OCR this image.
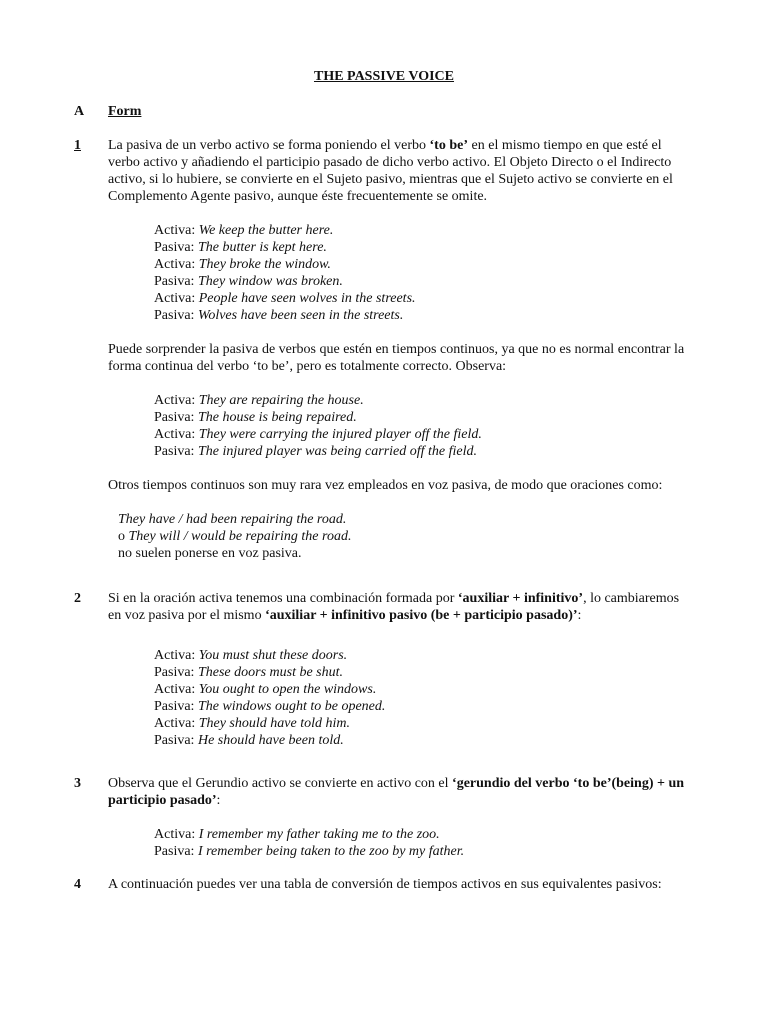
THE PASSIVE VOICE
A	Form
1	La pasiva de un verbo activo se forma poniendo el verbo ‘to be’ en el mismo tiempo en que esté el verbo activo y añadiendo el participio pasado de dicho verbo activo. El Objeto Directo o el Indirecto activo, si lo hubiere, se convierte en el Sujeto pasivo, mientras que el Sujeto activo se convierte en el Complemento Agente pasivo, aunque éste frecuentemente se omite.
Activa: We keep the butter here.
Pasiva: The butter is kept here.
Activa: They broke the window.
Pasiva: They window was broken.
Activa: People have seen wolves in the streets.
Pasiva: Wolves have been seen in the streets.
Puede sorprender la pasiva de verbos que estén en tiempos continuos, ya que no es normal encontrar la forma continua del verbo ‘to be’, pero es totalmente correcto. Observa:
Activa: They are repairing the house.
Pasiva: The house is being repaired.
Activa: They were carrying the injured player off the field.
Pasiva: The injured player was being carried off the field.
Otros tiempos continuos son muy rara vez empleados en voz pasiva, de modo que oraciones como:
They have / had been repairing the road.
o They will / would be repairing the road.
no suelen ponerse en voz pasiva.
2	Si en la oración activa tenemos una combinación formada por ‘auxiliar + infinitivo’, lo cambiaremos en voz pasiva por el mismo ‘auxiliar + infinitivo pasivo (be + participio pasado)’:
Activa: You must shut these doors.
Pasiva: These doors must be shut.
Activa: You ought to open the windows.
Pasiva: The windows ought to be opened.
Activa: They should have told him.
Pasiva: He should have been told.
3	Observa que el Gerundio activo se convierte en activo con el ‘gerundio del verbo ‘to be’(being) + un participio pasado’:
Activa: I remember my father taking me to the zoo.
Pasiva: I remember being taken to the zoo by my father.
4	A continuación puedes ver una tabla de conversión de tiempos activos en sus equivalentes pasivos:
